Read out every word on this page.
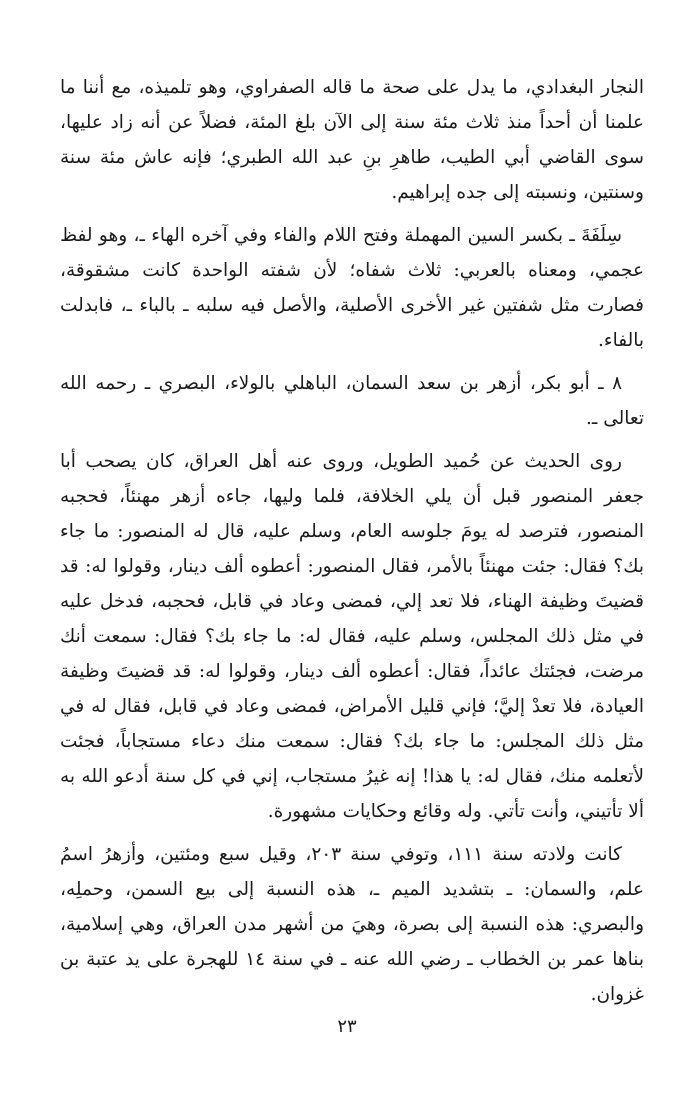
النجار البغدادي، ما يدل على صحة ما قاله الصفراوي، وهو تلميذه، مع أننا ما علمنا أن أحداً منذ ثلاث مئة سنة إلى الآن بلغ المئة، فضلاً عن أنه زاد عليها، سوى القاضي أبي الطيب، طاهرِ بنِ عبد الله الطبري؛ فإنه عاش مئة سنة وسنتين، ونسبته إلى جده إبراهيم.

سِلَفَةَ ـ بكسر السين المهملة وفتح اللام والفاء وفي آخره الهاء ـ، وهو لفظ عجمي، ومعناه بالعربي: ثلاث شفاه؛ لأن شفته الواحدة كانت مشقوقة، فصارت مثل شفتين غير الأخرى الأصلية، والأصل فيه سلبه ـ بالباء ـ، فابدلت بالفاء.

٨ ـ أبو بكر، أزهر بن سعد السمان، الباهلي بالولاء، البصري ـ رحمه الله تعالى ـ.

روى الحديث عن حُميد الطويل، وروى عنه أهل العراق، كان يصحب أبا جعفر المنصور قبل أن يلي الخلافة، فلما وليها، جاءه أزهر مهنئاً، فحجبه المنصور، فترصد له يومَ جلوسه العام، وسلم عليه، قال له المنصور: ما جاء بك؟ فقال: جئت مهنئاً بالأمر، فقال المنصور: أعطوه ألف دينار، وقولوا له: قد قضيتَ وظيفة الهناء، فلا تعد إلي، فمضى وعاد في قابل، فحجبه، فدخل عليه في مثل ذلك المجلس، وسلم عليه، فقال له: ما جاء بك؟ فقال: سمعت أنك مرضت، فجئتك عائداً، فقال: أعطوه ألف دينار، وقولوا له: قد قضيتَ وظيفة العيادة، فلا تعدْ إليَّ؛ فإني قليل الأمراض، فمضى وعاد في قابل، فقال له في مثل ذلك المجلس: ما جاء بك؟ فقال: سمعت منك دعاء مستجاباً، فجئت لأتعلمه منك، فقال له: يا هذا! إنه غيرُ مستجاب، إني في كل سنة أدعو الله به ألا تأتيني، وأنت تأتي. وله وقائع وحكايات مشهورة.

كانت ولادته سنة ١١١، وتوفي سنة ٢٠٣، وقيل سبع ومئتين، وأزهرُ اسمُ علم، والسمان: ـ بتشديد الميم ـ، هذه النسبة إلى بيع السمن، وحملِه، والبصري: هذه النسبة إلى بصرة، وهيَ من أشهر مدن العراق، وهي إسلامية، بناها عمر بن الخطاب ـ رضي الله عنه ـ في سنة ١٤ للهجرة على يد عتبة بن غزوان.

٢٣
